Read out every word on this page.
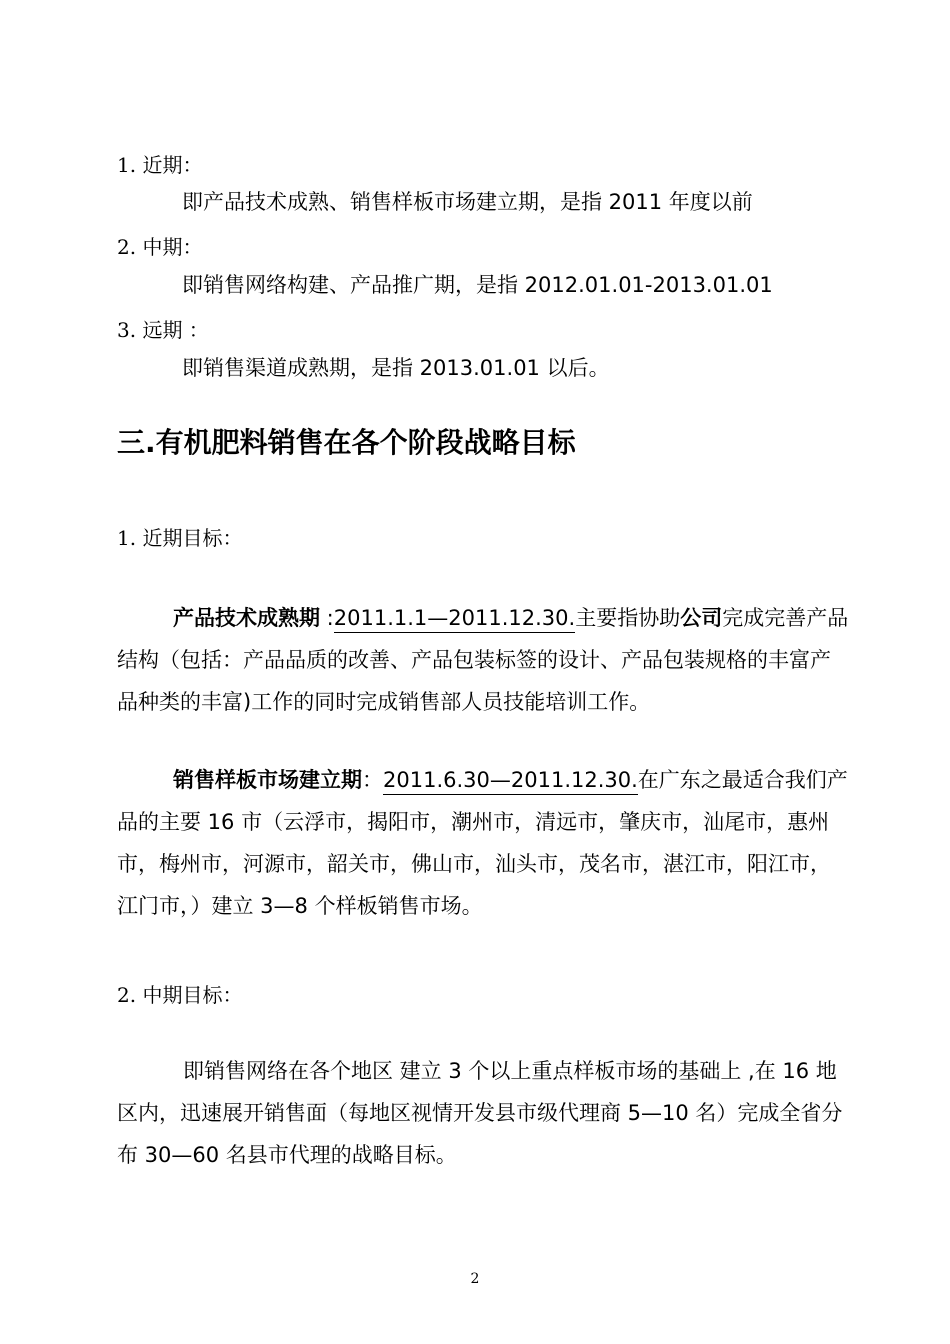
1. 近期：
即产品技术成熟、销售样板市场建立期，是指 2011 年度以前
2. 中期：
即销售网络构建、产品推广期，是指 2012.01.01-2013.01.01
3. 远期 ：
即销售渠道成熟期，是指 2013.01.01 以后。
三.有机肥料销售在各个阶段战略目标
1. 近期目标：

产品技术成熟期 :2011.1.1—2011.12.30.主要指协助公司完成完善产品

结构（包括：产品品质的改善、产品包装标签的设计、产品包装规格的丰富产

品种类的丰富)工作的同时完成销售部人员技能培训工作。

销售样板市场建立期：2011.6.30—2011.12.30.在广东之最适合我们产

品的主要 16 市（云浮市，揭阳市，潮州市，清远市，肇庆市，汕尾市，惠州

市，梅州市，河源市，韶关市，佛山市，汕头市，茂名市，湛江市，阳江市，

江门市，）建立 3—8 个样板销售市场。

2. 中期目标：

即销售网络在各个地区 建立 3 个以上重点样板市场的基础上 ,在 16 地

区内，迅速展开销售面（每地区视情开发县市级代理商 5—10 名）完成全省分

布 30—60 名县市代理的战略目标。

2
